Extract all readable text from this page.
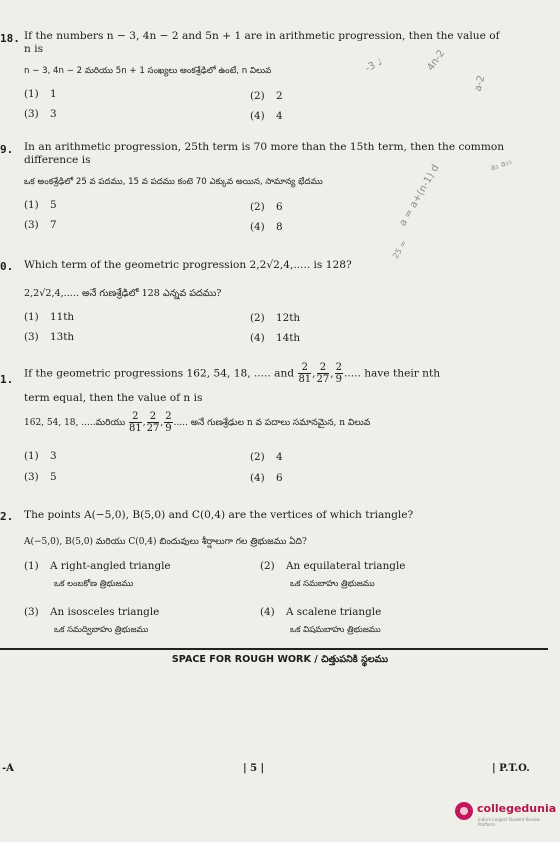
18. If the numbers n − 3, 4n − 2 and 5n + 1 are in arithmetic progression, then the value of n is
n − 3, 4n − 2 మరియు 5n + 1 సంఖ్యలు అంకశ్రేఢిలో ఉంటే, n విలువ
(1) 1	(2) 2
(3) 3	(4) 4
9. In an arithmetic progression, 25th term is 70 more than the 15th term, then the common difference is
ఒక అంకశ్రేఢిలో 25 వ పదము, 15 వ పదము కంటె 70 ఎక్కువ అయిన, సామాన్య భేదము
(1) 5	(2) 6
(3) 7	(4) 8
0. Which term of the geometric progression 2,2√2,4,..... is 128?
2,2√2,4,..... అనే గుణశ్రేఢిలో 128 ఎన్నవ పదము?
(1) 11th	(2) 12th
(3) 13th	(4) 14th
1. If the geometric progressions 162, 54, 18, ..... and $\frac{2}{81}$ , $\frac{2}{27}$ , $\frac{2}{9}$ ..... have their nth
term equal, then the value of n is
162, 54, 18, .....మరియు $\frac{2}{81}$ , $\frac{2}{27}$ , $\frac{2}{9}$ ..... అనే గుణశ్రేఢుల n వ పదాలు సమానమైన, n విలువ
(1) 3	(2) 4
(3) 5	(4) 6
2. The points A(−5,0), B(5,0) and C(0,4) are the vertices of which triangle?
A(−5,0), B(5,0) మరియు C(0,4) బిందువులు శీర్షాలుగా గల త్రిభుజము ఏది?
(1) A right-angled triangle
ఒక లంబకోణ త్రిభుజము
(2) An equilateral triangle
ఒక సమబాహు త్రిభుజము
(3) An isosceles triangle
ఒక సమద్విబాహు త్రిభుజము
(4) A scalene triangle
ఒక విషమబాహు త్రిభుజము
SPACE FOR ROUGH WORK / చిత్తుపనికి స్థలము
-3 ♩	4n-2
a-2
a = a+(n-1) d	a₂ a₁₅
25 =
-A	| 5 |	| P.T.O.
collegedunia
India's Largest Student Review Platform
